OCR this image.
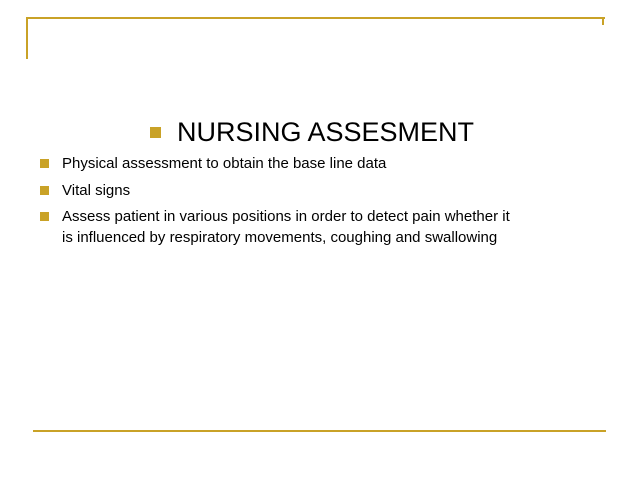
NURSING ASSESMENT
Physical assessment to obtain the base line data
Vital signs
Assess patient in various positions in order to detect pain whether it
is influenced by respiratory movements, coughing and swallowing
